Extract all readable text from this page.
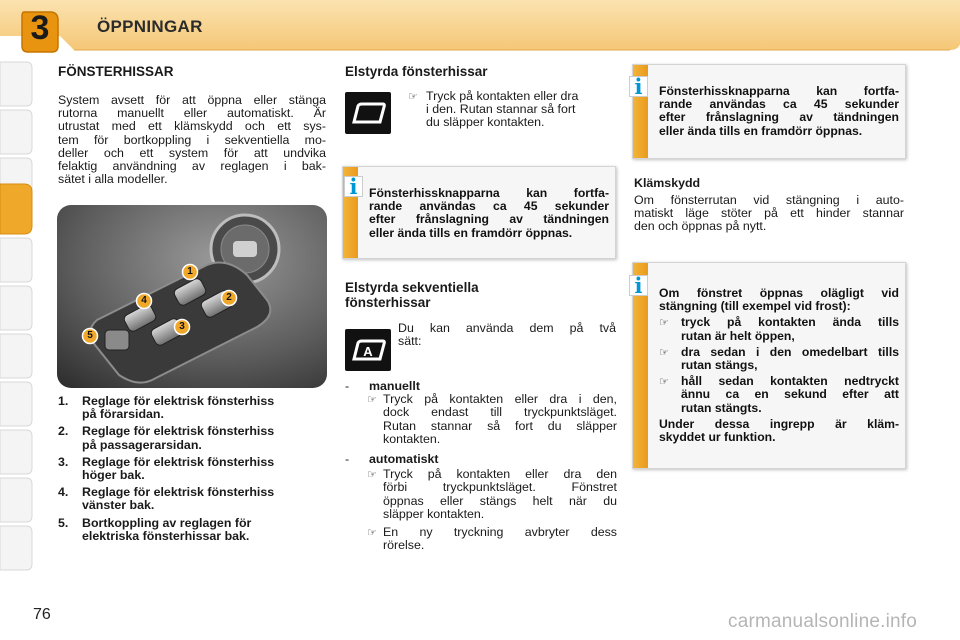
3	ÖPPNINGAR
FÖNSTERHISSAR
System avsett för att öppna eller stänga
rutorna manuellt eller automatiskt. Är
utrustat med ett klämskydd och ett sys-
tem för bortkoppling i sekventiella mo-
deller och ett system för att undvika
felaktig användning av reglagen i bak-
sätet i alla modeller.
1
2
3
4
5
1.	Reglage för elektrisk fönsterhiss
på förarsidan.
2.	Reglage för elektrisk fönsterhiss
på passagerarsidan.
3.	Reglage för elektrisk fönsterhiss
höger bak.
4.	Reglage för elektrisk fönsterhiss
vänster bak.
5.	Bortkoppling av reglagen för
elektriska fönsterhissar bak.
Elstyrda fönsterhissar
☞ Tryck på kontakten eller dra
i den. Rutan stannar så fort
du släpper kontakten.
Fönsterhissknapparna kan fortfa-
rande användas ca 45 sekunder
efter frånslagning av tändningen
eller ända tills en framdörr öppnas.
i
Elstyrda sekventiella
fönsterhissar
A
Du kan använda dem på två
sätt:
-	manuellt
☞ Tryck på kontakten eller dra i den,
dock endast till tryckpunktsläget.
Rutan stannar så fort du släpper
kontakten.
-	automatiskt
☞ Tryck på kontakten eller dra den
förbi tryckpunktsläget. Fönstret
öppnas eller stängs helt när du
släpper kontakten.
☞ En ny tryckning avbryter dess
rörelse.
Fönsterhissknapparna kan fortfa-
rande användas ca 45 sekunder
efter frånslagning av tändningen
eller ända tills en framdörr öppnas.
i
Klämskydd
Om fönsterrutan vid stängning i auto-
matiskt läge stöter på ett hinder stannar
den och öppnas på nytt.
Om fönstret öppnas olägligt vid
stängning (till exempel vid frost):
☞ tryck på kontakten ända tills
rutan är helt öppen,
☞ dra sedan i den omedelbart tills
rutan stängs,
☞ håll sedan kontakten nedtryckt
ännu ca en sekund efter att
rutan stängts.
Under dessa ingrepp är kläm-
skyddet ur funktion.
i
76	carmanualsonline.info
